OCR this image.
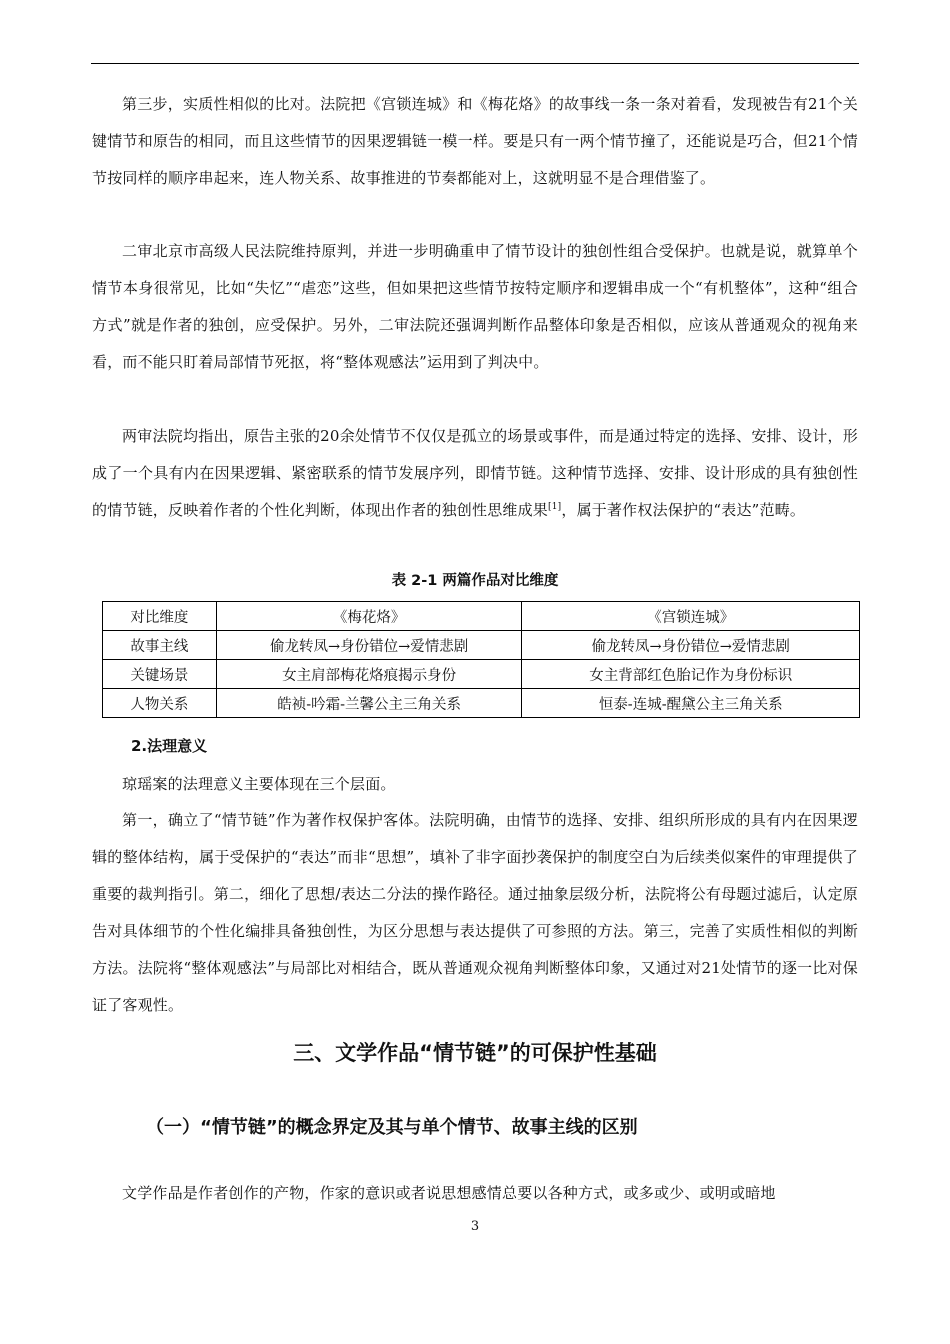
第三步，实质性相似的比对。法院把《宫锁连城》和《梅花烙》的故事线一条一条对着看，发现被告有21个关键情节和原告的相同，而且这些情节的因果逻辑链一模一样。要是只有一两个情节撞了，还能说是巧合，但21个情节按同样的顺序串起来，连人物关系、故事推进的节奏都能对上，这就明显不是合理借鉴了。

二审北京市高级人民法院维持原判，并进一步明确重申了情节设计的独创性组合受保护。也就是说，就算单个情节本身很常见，比如“失忆”“虐恋”这些，但如果把这些情节按特定顺序和逻辑串成一个“有机整体”，这种“组合方式”就是作者的独创，应受保护。另外，二审法院还强调判断作品整体印象是否相似，应该从普通观众的视角来看，而不能只盯着局部情节死抠，将“整体观感法”运用到了判决中。

两审法院均指出，原告主张的20余处情节不仅仅是孤立的场景或事件，而是通过特定的选择、安排、设计，形成了一个具有内在因果逻辑、紧密联系的情节发展序列，即情节链。这种情节选择、安排、设计形成的具有独创性的情节链，反映着作者的个性化判断，体现出作者的独创性思维成果[1]，属于著作权法保护的“表达”范畴。

表 2-1 两篇作品对比维度
对比维度	《梅花烙》	《宫锁连城》
故事主线	偷龙转凤→身份错位→爱情悲剧	偷龙转凤→身份错位→爱情悲剧
关键场景	女主肩部梅花烙痕揭示身份	女主背部红色胎记作为身份标识
人物关系	皓祯-吟霜-兰馨公主三角关系	恒泰-连城-醒黛公主三角关系
2.法理意义

琼瑶案的法理意义主要体现在三个层面。

第一，确立了“情节链”作为著作权保护客体。法院明确，由情节的选择、安排、组织所形成的具有内在因果逻辑的整体结构，属于受保护的“表达”而非“思想”，填补了非字面抄袭保护的制度空白为后续类似案件的审理提供了重要的裁判指引。第二，细化了思想/表达二分法的操作路径。通过抽象层级分析，法院将公有母题过滤后，认定原告对具体细节的个性化编排具备独创性，为区分思想与表达提供了可参照的方法。第三，完善了实质性相似的判断方法。法院将“整体观感法”与局部比对相结合，既从普通观众视角判断整体印象，又通过对21处情节的逐一比对保证了客观性。

三、文学作品“情节链”的可保护性基础
（一）“情节链”的概念界定及其与单个情节、故事主线的区别

文学作品是作者创作的产物，作家的意识或者说思想感情总要以各种方式，或多或少、或明或暗地

3
